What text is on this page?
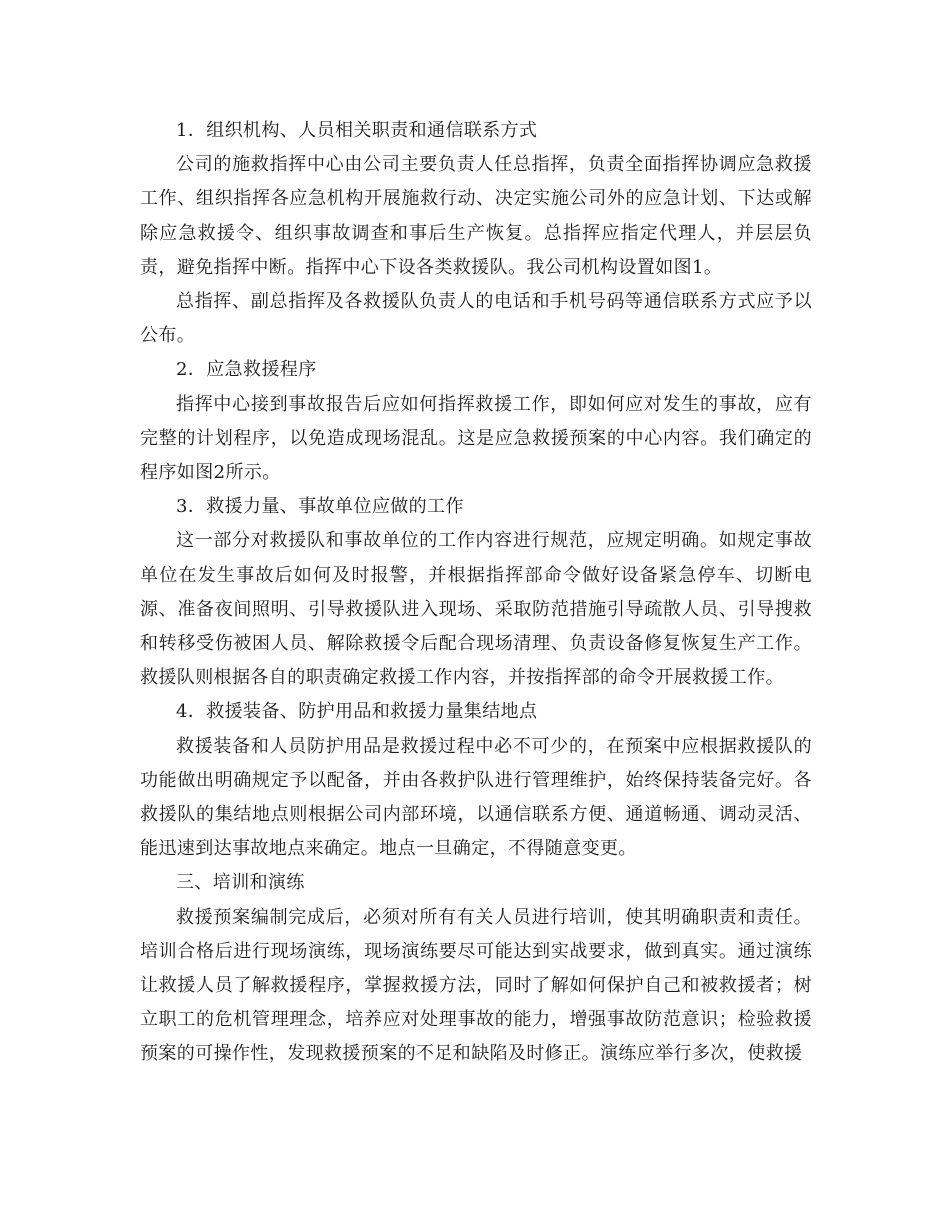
1．组织机构、人员相关职责和通信联系方式

公司的施救指挥中心由公司主要负责人任总指挥，负责全面指挥协调应急救援工作、组织指挥各应急机构开展施救行动、决定实施公司外的应急计划、下达或解除应急救援令、组织事故调查和事后生产恢复。总指挥应指定代理人，并层层负责，避免指挥中断。指挥中心下设各类救援队。我公司机构设置如图1。

总指挥、副总指挥及各救援队负责人的电话和手机号码等通信联系方式应予以公布。

2．应急救援程序

指挥中心接到事故报告后应如何指挥救援工作，即如何应对发生的事故，应有完整的计划程序，以免造成现场混乱。这是应急救援预案的中心内容。我们确定的程序如图2所示。

3．救援力量、事故单位应做的工作

这一部分对救援队和事故单位的工作内容进行规范，应规定明确。如规定事故单位在发生事故后如何及时报警，并根据指挥部命令做好设备紧急停车、切断电源、准备夜间照明、引导救援队进入现场、采取防范措施引导疏散人员、引导搜救和转移受伤被困人员、解除救援令后配合现场清理、负责设备修复恢复生产工作。救援队则根据各自的职责确定救援工作内容，并按指挥部的命令开展救援工作。

4．救援装备、防护用品和救援力量集结地点

救援装备和人员防护用品是救援过程中必不可少的，在预案中应根据救援队的功能做出明确规定予以配备，并由各救护队进行管理维护，始终保持装备完好。各救援队的集结地点则根据公司内部环境，以通信联系方便、通道畅通、调动灵活、能迅速到达事故地点来确定。地点一旦确定，不得随意变更。

三、培训和演练

救援预案编制完成后，必须对所有有关人员进行培训，使其明确职责和责任。培训合格后进行现场演练，现场演练要尽可能达到实战要求，做到真实。通过演练让救援人员了解救援程序，掌握救援方法，同时了解如何保护自己和被救援者；树立职工的危机管理理念，培养应对处理事故的能力，增强事故防范意识；检验救援预案的可操作性，发现救援预案的不足和缺陷及时修正。演练应举行多次，使救援
